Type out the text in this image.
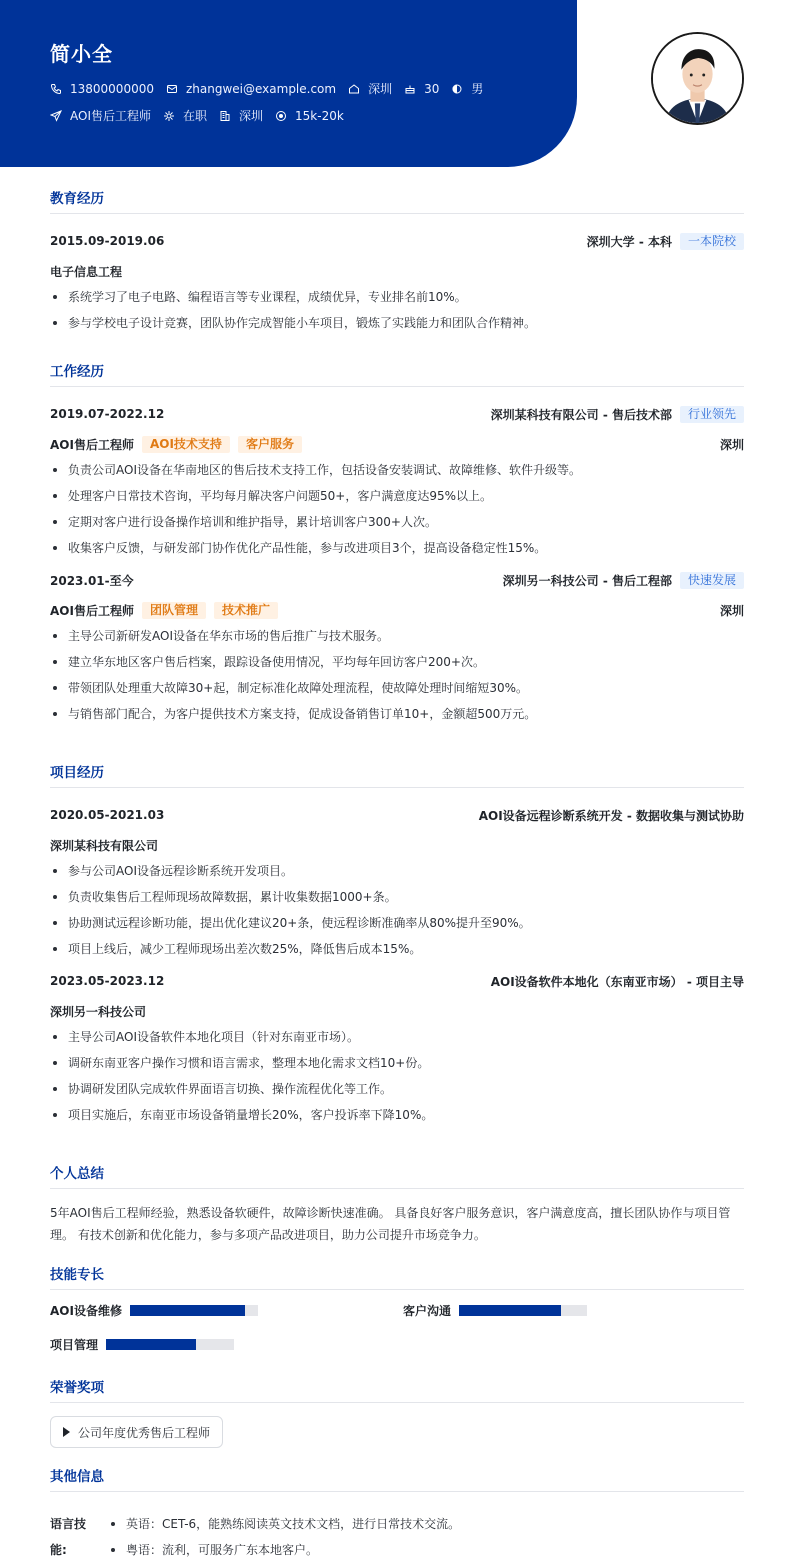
简小全
13800000000	zhangwei@example.com	深圳	30	男
AOI售后工程师	在职	深圳	15k-20k
教育经历
2015.09-2019.06	深圳大学 - 本科	一本院校
电子信息工程
系统学习了电子电路、编程语言等专业课程，成绩优异，专业排名前10%。
参与学校电子设计竞赛，团队协作完成智能小车项目，锻炼了实践能力和团队合作精神。
工作经历
2019.07-2022.12	深圳某科技有限公司 - 售后技术部	行业领先
AOI售后工程师	AOI技术支持	客户服务	深圳
负责公司AOI设备在华南地区的售后技术支持工作，包括设备安装调试、故障维修、软件升级等。
处理客户日常技术咨询，平均每月解决客户问题50+，客户满意度达95%以上。
定期对客户进行设备操作培训和维护指导，累计培训客户300+人次。
收集客户反馈，与研发部门协作优化产品性能，参与改进项目3个，提高设备稳定性15%。
2023.01-至今	深圳另一科技公司 - 售后工程部	快速发展
AOI售后工程师	团队管理	技术推广	深圳
主导公司新研发AOI设备在华东市场的售后推广与技术服务。
建立华东地区客户售后档案，跟踪设备使用情况，平均每年回访客户200+次。
带领团队处理重大故障30+起，制定标准化故障处理流程，使故障处理时间缩短30%。
与销售部门配合，为客户提供技术方案支持，促成设备销售订单10+，金额超500万元。
项目经历
2020.05-2021.03	AOI设备远程诊断系统开发 - 数据收集与测试协助
深圳某科技有限公司
参与公司AOI设备远程诊断系统开发项目。
负责收集售后工程师现场故障数据，累计收集数据1000+条。
协助测试远程诊断功能，提出优化建议20+条，使远程诊断准确率从80%提升至90%。
项目上线后，减少工程师现场出差次数25%，降低售后成本15%。
2023.05-2023.12	AOI设备软件本地化（东南亚市场） - 项目主导
深圳另一科技公司
主导公司AOI设备软件本地化项目（针对东南亚市场）。
调研东南亚客户操作习惯和语言需求，整理本地化需求文档10+份。
协调研发团队完成软件界面语言切换、操作流程优化等工作。
项目实施后，东南亚市场设备销量增长20%，客户投诉率下降10%。
个人总结
5年AOI售后工程师经验，熟悉设备软硬件，故障诊断快速准确。 具备良好客户服务意识，客户满意度高，擅长团队协作与项目管理。 有技术创新和优化能力，参与多项产品改进项目，助力公司提升市场竞争力。
技能专长
AOI设备维修	客户沟通
项目管理
荣誉奖项
公司年度优秀售后工程师
其他信息
语言技能:
英语：CET-6，能熟练阅读英文技术文档，进行日常技术交流。
粤语：流利，可服务广东本地客户。
